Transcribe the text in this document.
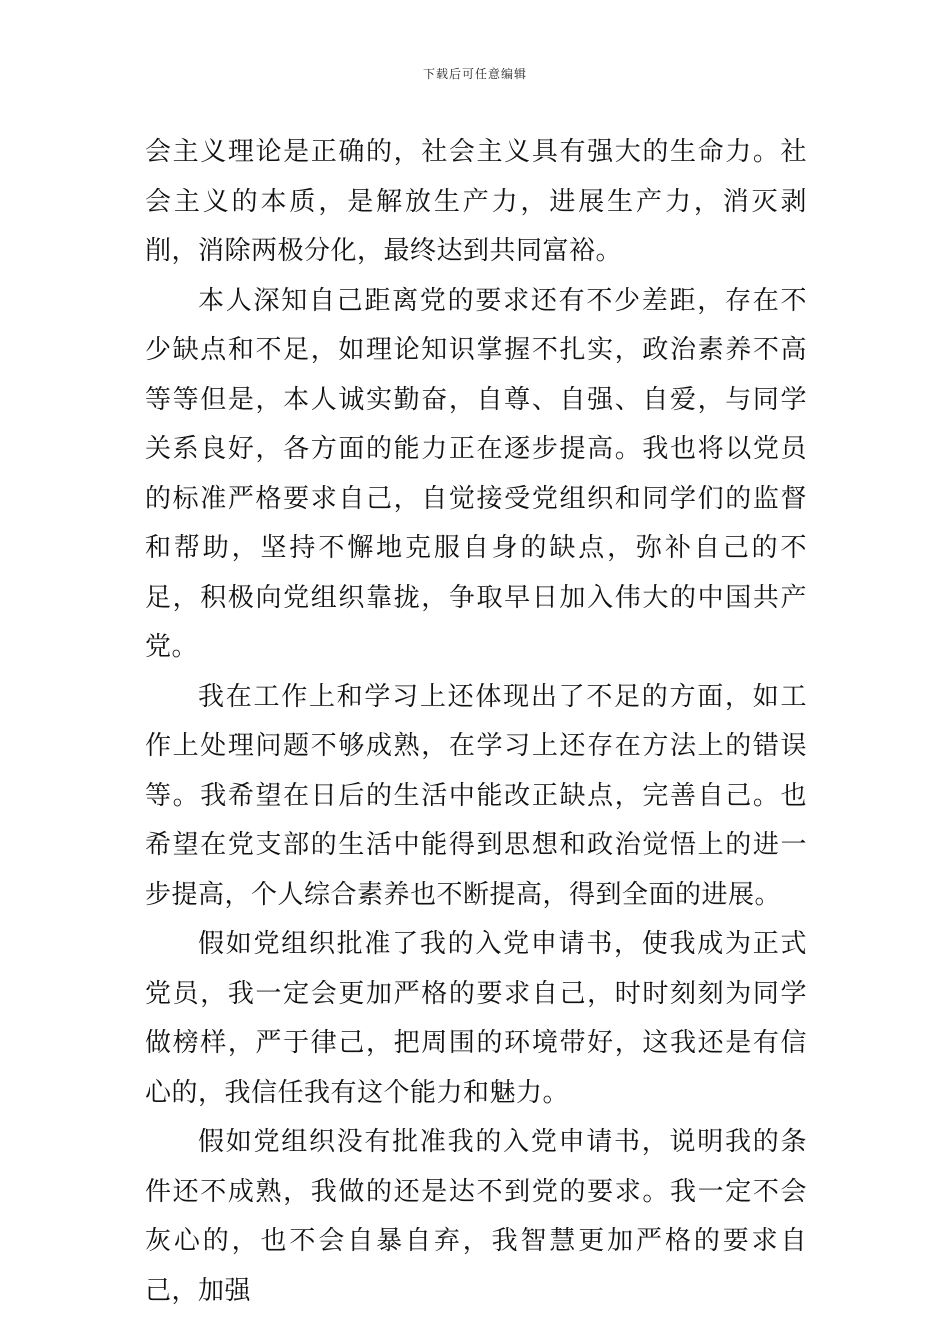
下载后可任意编辑

会主义理论是正确的，社会主义具有强大的生命力。社会主义的本质，是解放生产力，进展生产力，消灭剥削，消除两极分化，最终达到共同富裕。

本人深知自己距离党的要求还有不少差距，存在不少缺点和不足，如理论知识掌握不扎实，政治素养不高等等但是，本人诚实勤奋，自尊、自强、自爱，与同学关系良好，各方面的能力正在逐步提高。我也将以党员的标准严格要求自己，自觉接受党组织和同学们的监督和帮助，坚持不懈地克服自身的缺点，弥补自己的不足，积极向党组织靠拢，争取早日加入伟大的中国共产党。

我在工作上和学习上还体现出了不足的方面，如工作上处理问题不够成熟，在学习上还存在方法上的错误等。我希望在日后的生活中能改正缺点，完善自己。也希望在党支部的生活中能得到思想和政治觉悟上的进一步提高，个人综合素养也不断提高，得到全面的进展。

假如党组织批准了我的入党申请书，使我成为正式党员，我一定会更加严格的要求自己，时时刻刻为同学做榜样，严于律己，把周围的环境带好，这我还是有信心的，我信任我有这个能力和魅力。

假如党组织没有批准我的入党申请书，说明我的条件还不成熟，我做的还是达不到党的要求。我一定不会灰心的，也不会自暴自弃，我智慧更加严格的要求自己，加强
